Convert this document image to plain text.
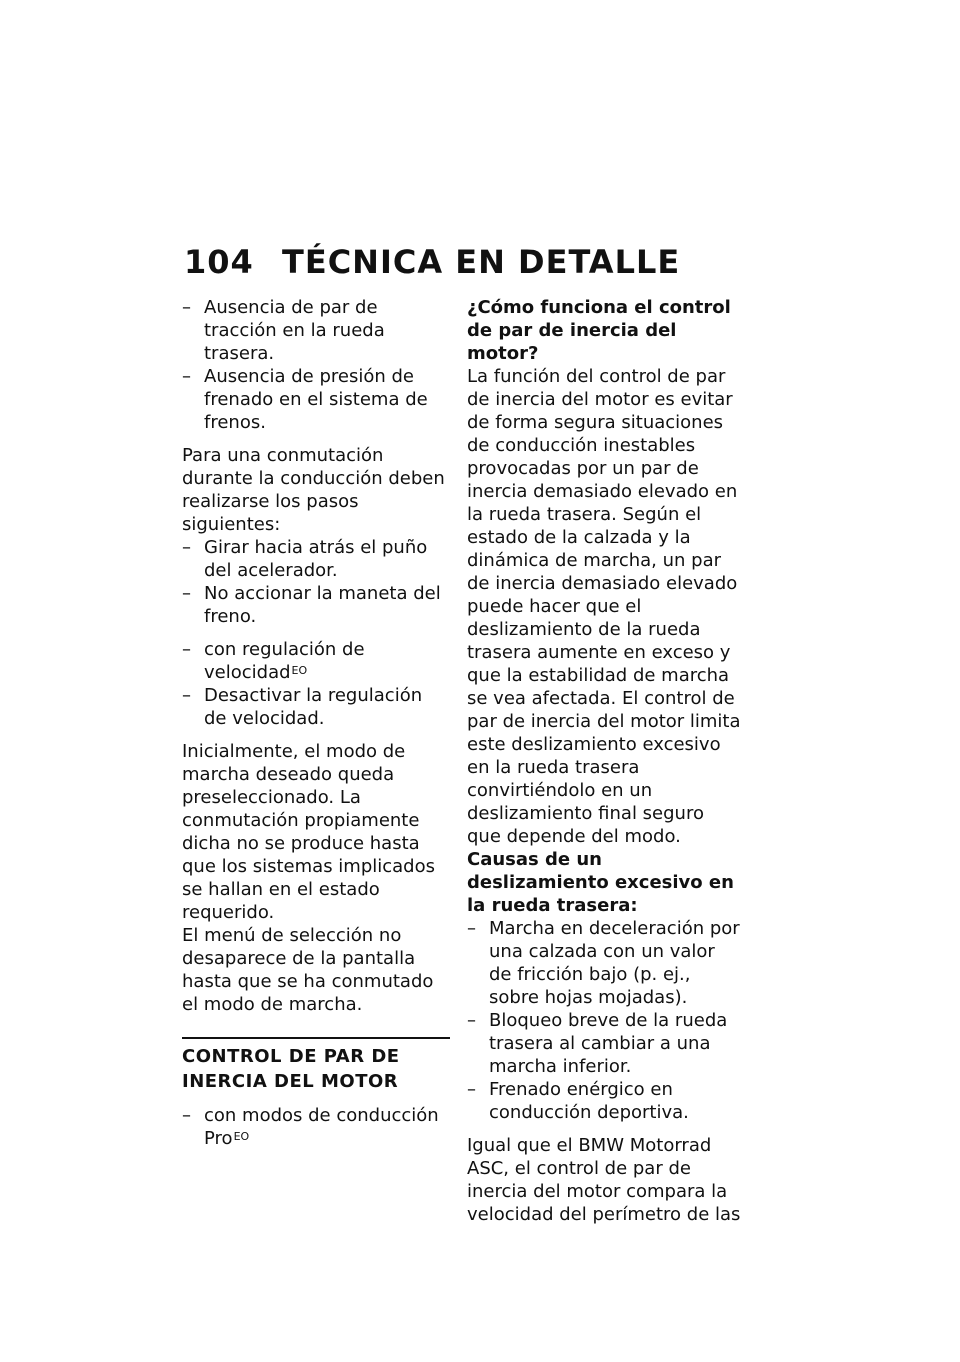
104 TÉCNICA EN DETALLE
– Ausencia de par de tracción en la rueda trasera.
– Ausencia de presión de frenado en el sistema de frenos.

Para una conmutación durante la conducción deben realizarse los pasos siguientes:

– Girar hacia atrás el puño del acelerador.
– No accionar la maneta del freno.
– con regulación de velocidad$^{EO}$
– Desactivar la regulación de velocidad.

Inicialmente, el modo de marcha deseado queda preseleccionado. La conmutación propiamente dicha no se produce hasta que los sistemas implicados se hallan en el estado requerido.

El menú de selección no desaparece de la pantalla hasta que se ha conmutado el modo de marcha.

CONTROL DE PAR DE INERCIA DEL MOTOR
– con modos de conducción Pro$^{EO}$
¿Cómo funciona el control de par de inercia del motor?

La función del control de par de inercia del motor es evitar de forma segura situaciones de conducción inestables provocadas por un par de inercia demasiado elevado en la rueda trasera. Según el estado de la calzada y la dinámica de marcha, un par de inercia demasiado elevado puede hacer que el deslizamiento de la rueda trasera aumente en exceso y que la estabilidad de marcha se vea afectada. El control de par de inercia del motor limita este deslizamiento excesivo en la rueda trasera convirtiéndolo en un deslizamiento final seguro que depende del modo.

Causas de un deslizamiento excesivo en la rueda trasera:
– Marcha en deceleración por una calzada con un valor de fricción bajo (p. ej., sobre hojas mojadas).
– Bloqueo breve de la rueda trasera al cambiar a una marcha inferior.
– Frenado enérgico en conducción deportiva.

Igual que el BMW Motorrad ASC, el control de par de inercia del motor compara la velocidad del perímetro de las
